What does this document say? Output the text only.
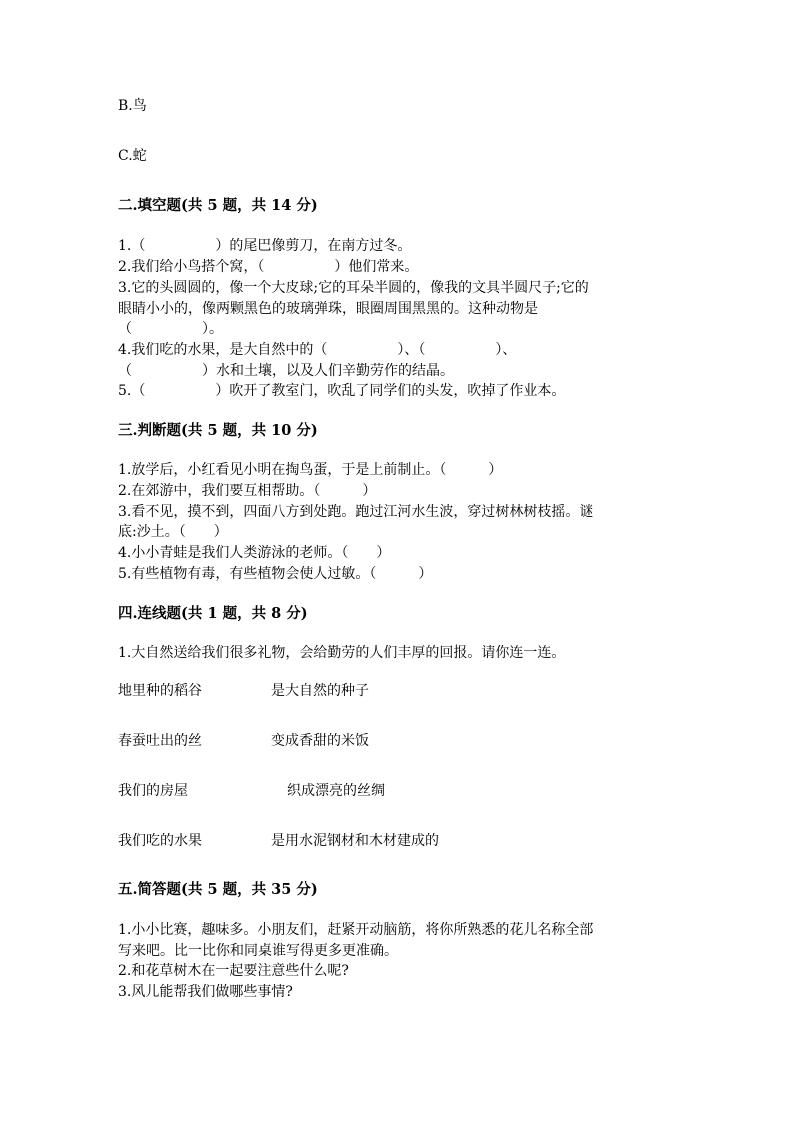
B.鸟
C.蛇
二.填空题(共 5 题，共 14 分)
1.（　　　　　）的尾巴像剪刀，在南方过冬。
2.我们给小鸟搭个窝，（　　　　　）他们常来。
3.它的头圆圆的，像一个大皮球;它的耳朵半圆的，像我的文具半圆尺子;它的
眼睛小小的，像两颗黑色的玻璃弹珠，眼圈周围黑黑的。这种动物是
（　　　　　）。
4.我们吃的水果，是大自然中的（　　　　　）、（　　　　　）、
（　　　　　）水和土壤，以及人们辛勤劳作的结晶。
5.（　　　　　）吹开了教室门，吹乱了同学们的头发，吹掉了作业本。
三.判断题(共 5 题，共 10 分)
1.放学后，小红看见小明在掏鸟蛋，于是上前制止。（　　　）
2.在郊游中，我们要互相帮助。（　　　）
3.看不见，摸不到，四面八方到处跑。跑过江河水生波，穿过树林树枝摇。谜
底:沙土。（　　）
4.小小青蛙是我们人类游泳的老师。（　　）
5.有些植物有毒，有些植物会使人过敏。（　　　）
四.连线题(共 1 题，共 8 分)
1.大自然送给我们很多礼物，会给勤劳的人们丰厚的回报。请你连一连。
地里种的稻谷	是大自然的种子
春蚕吐出的丝	变成香甜的米饭
我们的房屋	织成漂亮的丝绸
我们吃的水果	是用水泥钢材和木材建成的
五.简答题(共 5 题，共 35 分)
1.小小比赛，趣味多。小朋友们，赶紧开动脑筋，将你所熟悉的花儿名称全部
写来吧。比一比你和同桌谁写得更多更准确。
2.和花草树木在一起要注意些什么呢?
3.风儿能帮我们做哪些事情?
